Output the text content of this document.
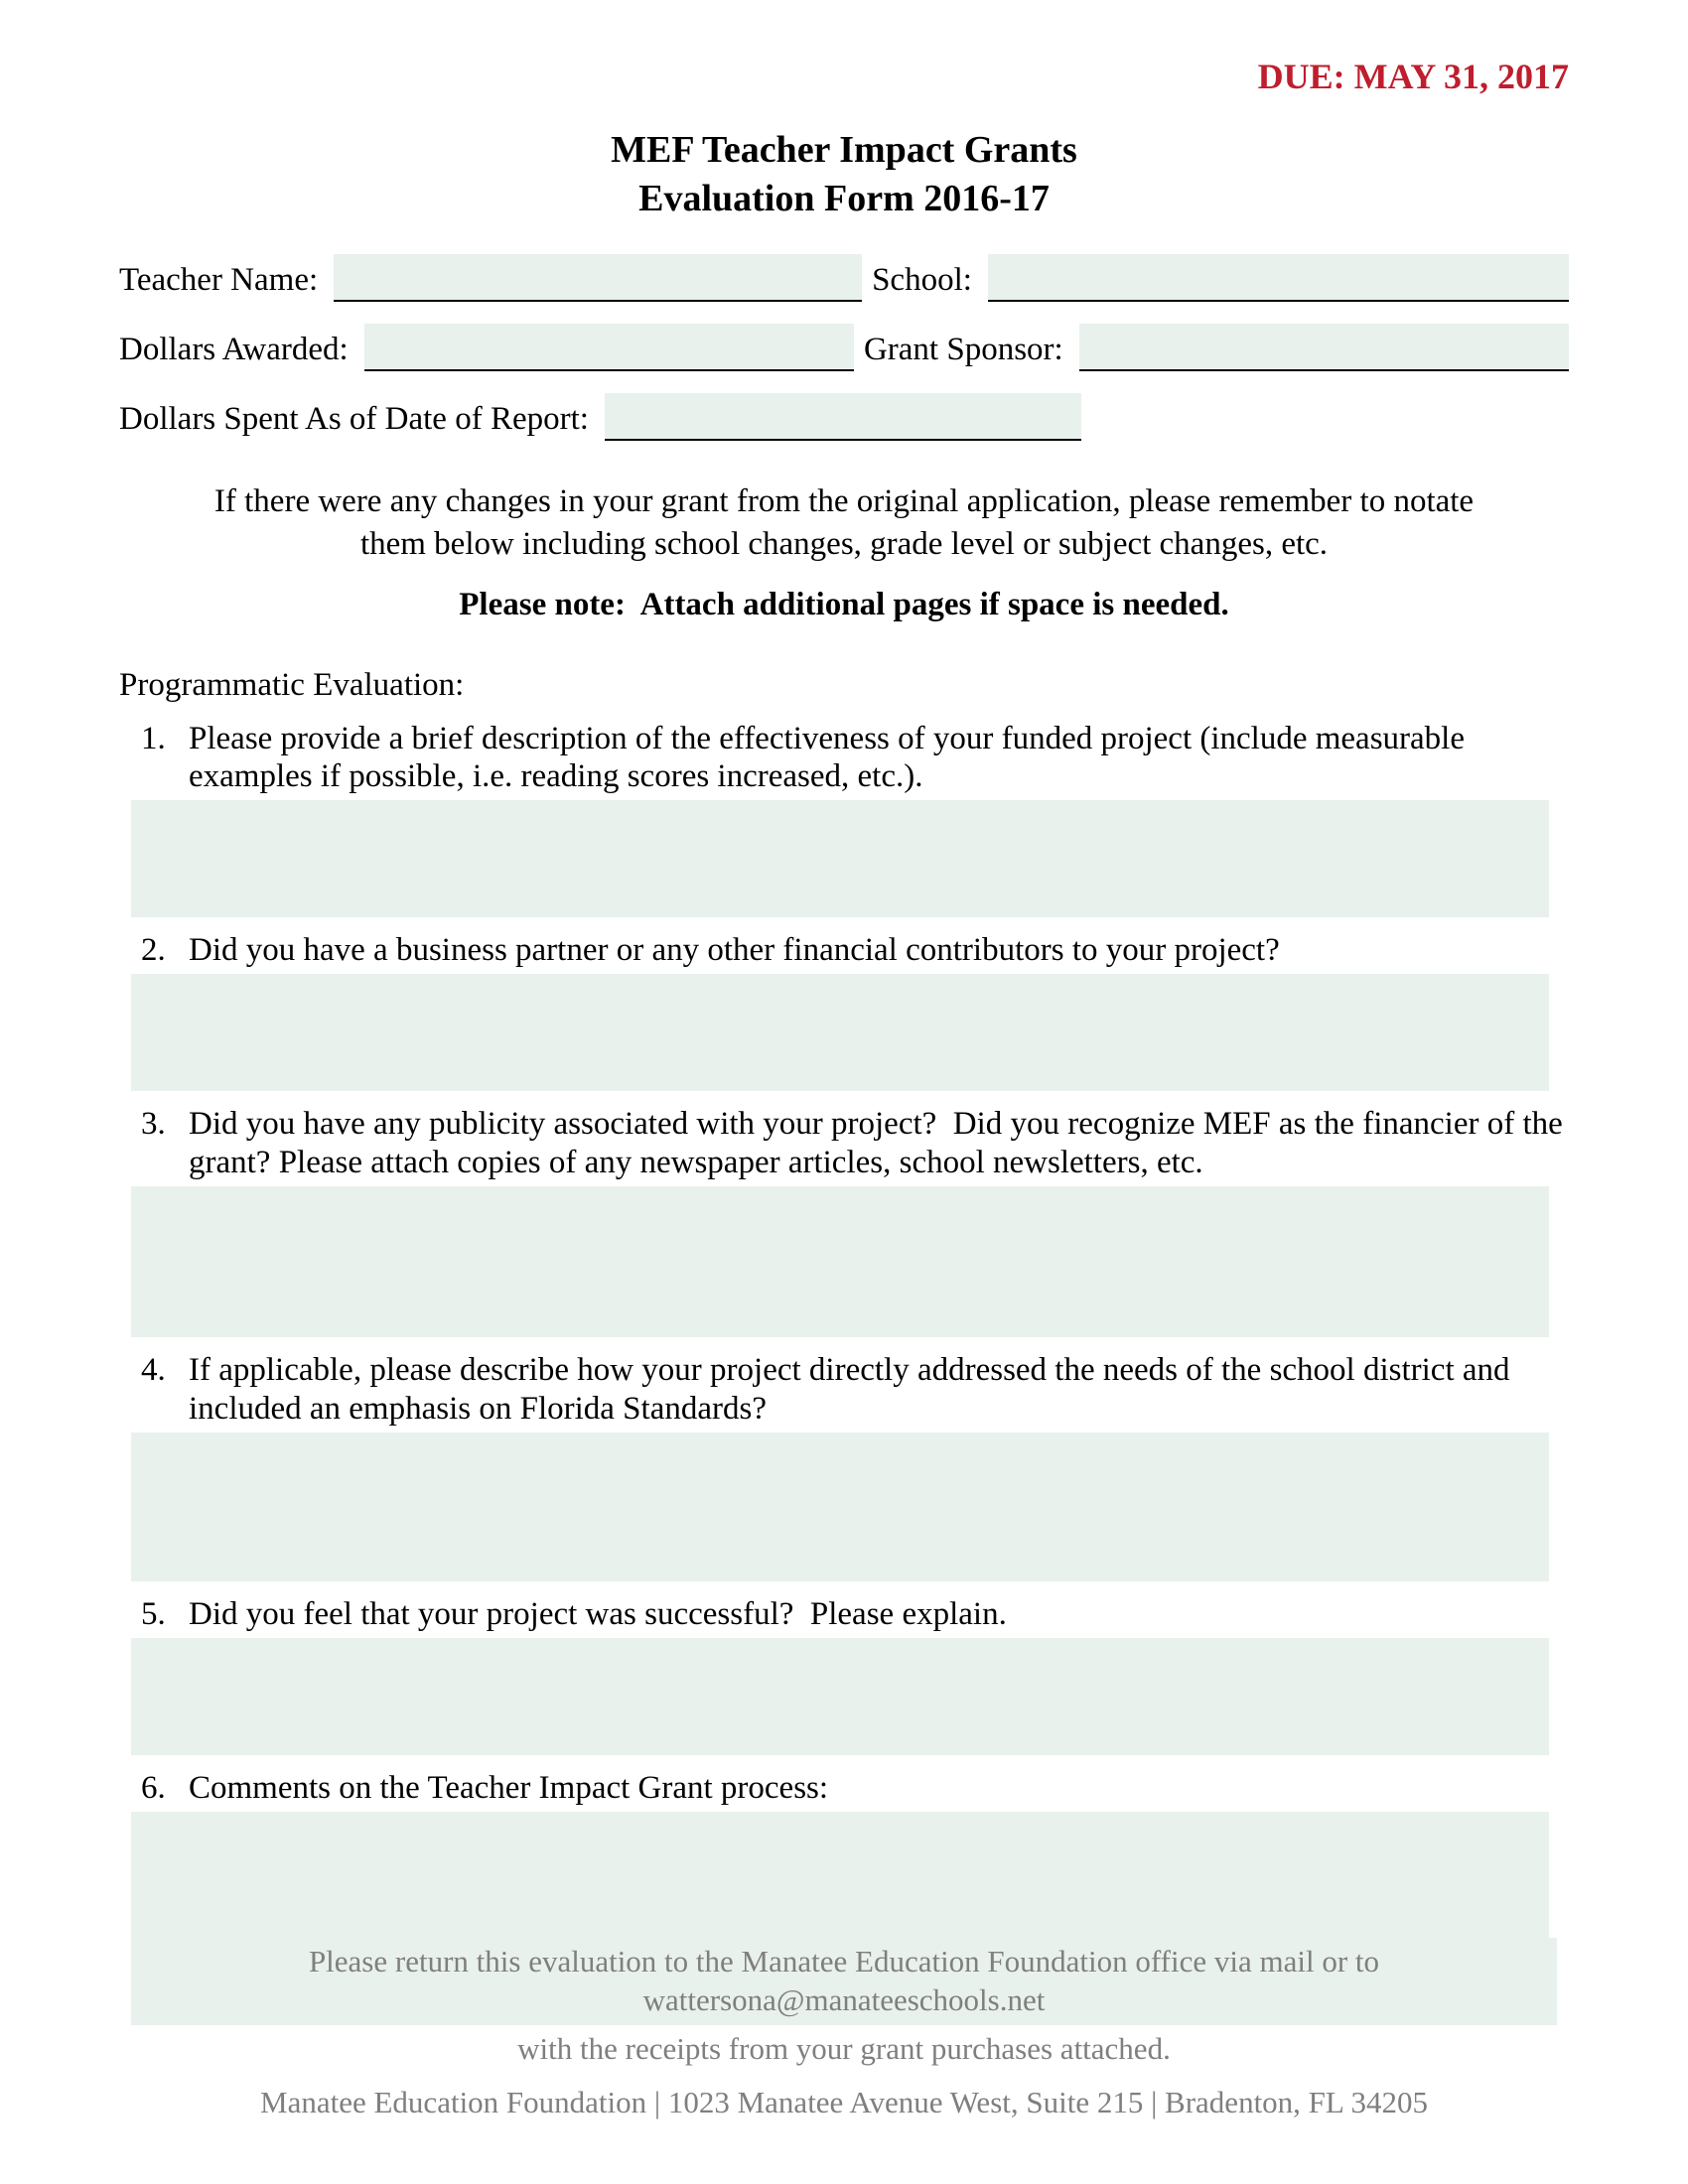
DUE: MAY 31, 2017
MEF Teacher Impact Grants
Evaluation Form 2016-17
Teacher Name:	School:
Dollars Awarded:	Grant Sponsor:
Dollars Spent As of Date of Report:
If there were any changes in your grant from the original application, please remember to notate them below including school changes, grade level or subject changes, etc.
Please note:  Attach additional pages if space is needed.
Programmatic Evaluation:
1. Please provide a brief description of the effectiveness of your funded project (include measurable examples if possible, i.e. reading scores increased, etc.).
2. Did you have a business partner or any other financial contributors to your project?
3. Did you have any publicity associated with your project?  Did you recognize MEF as the financier of the grant? Please attach copies of any newspaper articles, school newsletters, etc.
4. If applicable, please describe how your project directly addressed the needs of the school district and included an emphasis on Florida Standards?
5. Did you feel that your project was successful?  Please explain.
6. Comments on the Teacher Impact Grant process:
Please return this evaluation to the Manatee Education Foundation office via mail or to wattersona@manateeschools.net
with the receipts from your grant purchases attached.
Manatee Education Foundation | 1023 Manatee Avenue West, Suite 215 | Bradenton, FL 34205
